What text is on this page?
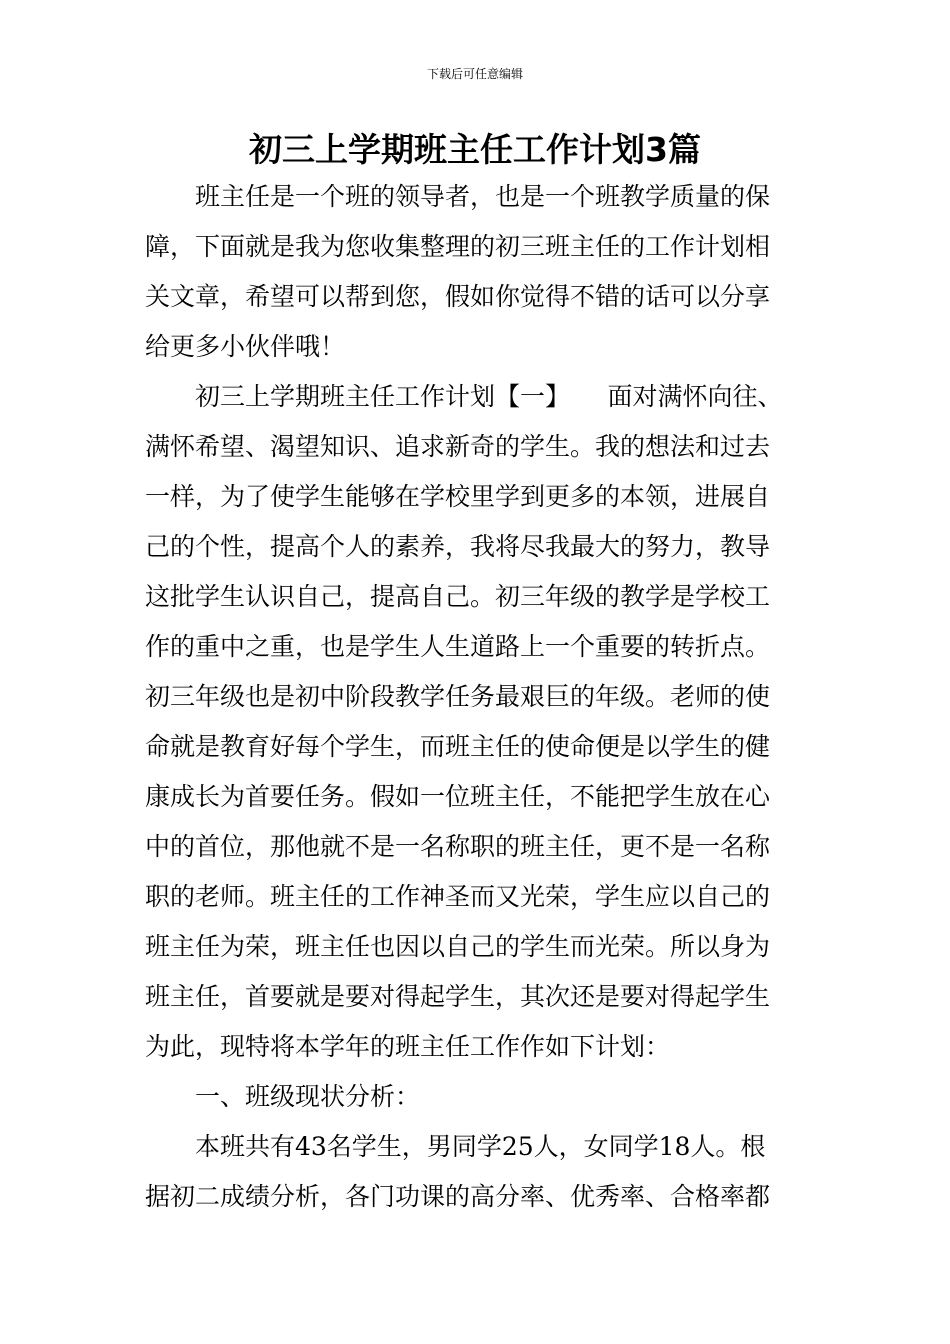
下载后可任意编辑
初三上学期班主任工作计划3篇
　　班主任是一个班的领导者，也是一个班教学质量的保
障，下面就是我为您收集整理的初三班主任的工作计划相
关文章，希望可以帮到您，假如你觉得不错的话可以分享
给更多小伙伴哦！
　　初三上学期班主任工作计划【一】　　面对满怀向往、
满怀希望、渴望知识、追求新奇的学生。我的想法和过去
一样，为了使学生能够在学校里学到更多的本领，进展自
己的个性，提高个人的素养，我将尽我最大的努力，教导
这批学生认识自己，提高自己。初三年级的教学是学校工
作的重中之重，也是学生人生道路上一个重要的转折点。
初三年级也是初中阶段教学任务最艰巨的年级。老师的使
命就是教育好每个学生，而班主任的使命便是以学生的健
康成长为首要任务。假如一位班主任，不能把学生放在心
中的首位，那他就不是一名称职的班主任，更不是一名称
职的老师。班主任的工作神圣而又光荣，学生应以自己的
班主任为荣，班主任也因以自己的学生而光荣。所以身为
班主任，首要就是要对得起学生，其次还是要对得起学生
为此，现特将本学年的班主任工作作如下计划：
　　一、班级现状分析：
　　本班共有43名学生，男同学25人，女同学18人。根
据初二成绩分析，各门功课的高分率、优秀率、合格率都
